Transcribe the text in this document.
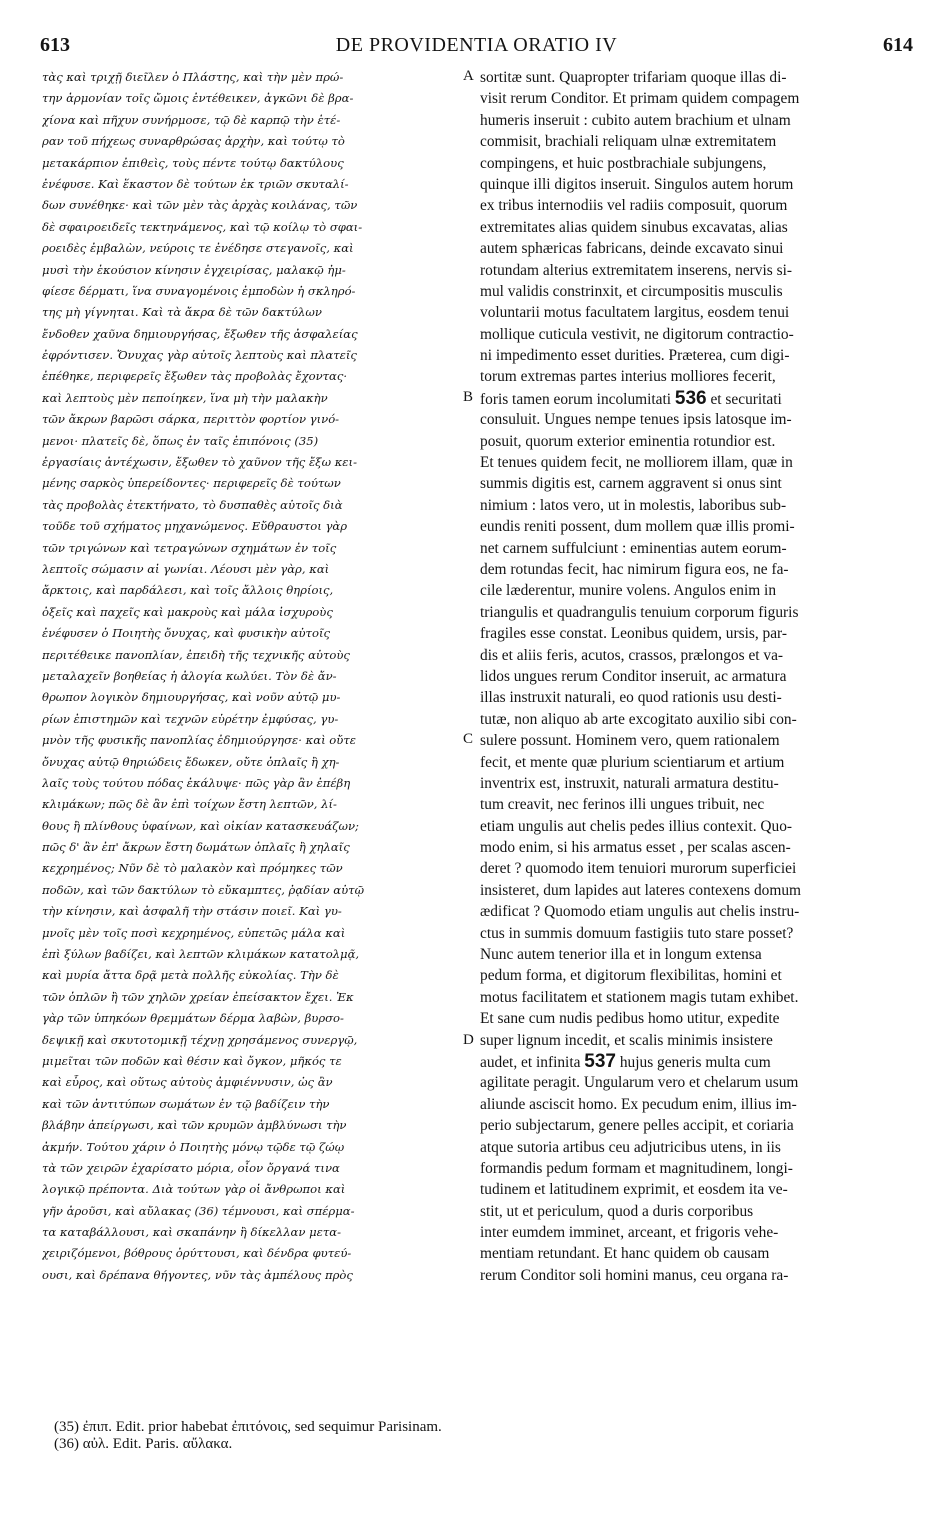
613	DE PROVIDENTIA ORATIO IV	614
τὰς καὶ τριχῇ διεῖλεν ὁ Πλάστης, καὶ τὴν μὲν πρώ-
την ἁρμονίαν τοῖς ὤμοις ἐντέθεικεν, ἀγκῶνι δὲ βρα-
χίονα καὶ πῆχυν συνήρμοσε, τῷ δὲ καρπῷ τὴν ἑτέ-
ραν τοῦ πήχεως συναρθρώσας ἀρχὴν, καὶ τούτῳ τὸ
μετακάρπιον ἐπιθεὶς, τοὺς πέντε τούτῳ δακτύλους
ἐνέφυσε. Καὶ ἕκαστον δὲ τούτων ἐκ τριῶν σκυταλί-
δων συνέθηκε· καὶ τῶν μὲν τὰς ἀρχὰς κοιλάνας, τῶν
δὲ σφαιροειδεῖς τεκτηνάμενος, καὶ τῷ κοίλῳ τὸ σφαι-
ροειδὲς ἐμβαλὼν, νεύροις τε ἐνέδησε στεγανοῖς, καὶ
μυσὶ τὴν ἑκούσιον κίνησιν ἐγχειρίσας, μαλακῷ ἠμ-
φίεσε δέρματι, ἵνα συναγομένοις ἐμποδὼν ἡ σκληρό-
της μὴ γίγνηται. Καὶ τὰ ἄκρα δὲ τῶν δακτύλων
ἔνδοθεν χαῦνα δημιουργήσας, ἔξωθεν τῆς ἀσφαλείας
ἐφρόντισεν. Ὄνυχας γὰρ αὐτοῖς λεπτοὺς καὶ πλατεῖς
ἐπέθηκε, περιφερεῖς ἔξωθεν τὰς προβολὰς ἔχοντας·
καὶ λεπτοὺς μὲν πεποίηκεν, ἵνα μὴ τὴν μαλακὴν
τῶν ἄκρων βαρῶσι σάρκα, περιττὸν φορτίον γινό-
μενοι· πλατεῖς δὲ, ὅπως ἐν ταῖς ἐπιπόνοις (35)
ἐργασίαις ἀντέχωσιν, ἔξωθεν τὸ χαῦνον τῆς ἔξω κει-
μένης σαρκὸς ὑπερείδοντες· περιφερεῖς δὲ τούτων
τὰς προβολὰς ἐτεκτήνατο, τὸ δυσπαθὲς αὐτοῖς διὰ
τοῦδε τοῦ σχήματος μηχανώμενος. Εὔθραυστοι γὰρ
τῶν τριγώνων καὶ τετραγώνων σχημάτων ἐν τοῖς
λεπτοῖς σώμασιν αἱ γωνίαι. Λέουσι μὲν γὰρ, καὶ
ἄρκτοις, καὶ παρδάλεσι, καὶ τοῖς ἄλλοις θηρίοις,
ὀξεῖς καὶ παχεῖς καὶ μακροὺς καὶ μάλα ἰσχυροὺς
ἐνέφυσεν ὁ Ποιητὴς ὄνυχας, καὶ φυσικὴν αὐτοῖς
περιτέθεικε πανοπλίαν, ἐπειδὴ τῆς τεχνικῆς αὐτοὺς
μεταλαχεῖν βοηθείας ἡ ἀλογία κωλύει. Τὸν δὲ ἄν-
θρωπον λογικὸν δημιουργήσας, καὶ νοῦν αὐτῷ μυ-
ρίων ἐπιστημῶν καὶ τεχνῶν εὑρέτην ἐμφύσας, γυ-
μνὸν τῆς φυσικῆς πανοπλίας ἐδημιούργησε· καὶ οὔτε
ὄνυχας αὐτῷ θηριώδεις ἔδωκεν, οὔτε ὁπλαῖς ἢ χη-
λαῖς τοὺς τούτου πόδας ἐκάλυψε· πῶς γὰρ ἂν ἐπέβη
κλιμάκων; πῶς δὲ ἂν ἐπὶ τοίχων ἔστη λεπτῶν, λί-
θους ἢ πλίνθους ὑφαίνων, καὶ οἰκίαν κατασκευάζων;
πῶς δ' ἂν ἐπ' ἄκρων ἔστη δωμάτων ὁπλαῖς ἢ χηλαῖς
κεχρημένος; Νῦν δὲ τὸ μαλακὸν καὶ πρόμηκες τῶν
ποδῶν, καὶ τῶν δακτύλων τὸ εὔκαμπτες, ῥᾳδίαν αὐτῷ
τὴν κίνησιν, καὶ ἀσφαλῆ τὴν στάσιν ποιεῖ. Καὶ γυ-
μνοῖς μὲν τοῖς ποσὶ κεχρημένος, εὐπετῶς μάλα καὶ
ἐπὶ ξύλων βαδίζει, καὶ λεπτῶν κλιμάκων κατατολμᾷ,
καὶ μυρία ἄττα δρᾷ μετὰ πολλῆς εὐκολίας. Τὴν δὲ
τῶν ὁπλῶν ἢ τῶν χηλῶν χρείαν ἐπείσακτον ἔχει. Ἐκ
γὰρ τῶν ὑπηκόων θρεμμάτων δέρμα λαβὼν, βυρσο-
δεψικῇ καὶ σκυτοτομικῇ τέχνῃ χρησάμενος συνεργῷ,
μιμεῖται τῶν ποδῶν καὶ θέσιν καὶ ὄγκον, μῆκός τε
καὶ εὖρος, καὶ οὕτως αὐτοὺς ἀμφιέννυσιν, ὡς ἂν
καὶ τῶν ἀντιτύπων σωμάτων ἐν τῷ βαδίζειν τὴν
βλάβην ἀπείργωσι, καὶ τῶν κρυμῶν ἀμβλύνωσι τὴν
ἀκμήν. Τούτου χάριν ὁ Ποιητὴς μόνῳ τῷδε τῷ ζώῳ
τὰ τῶν χειρῶν ἐχαρίσατο μόρια, οἷον ὄργανά τινα
λογικῷ πρέποντα. Διὰ τούτων γὰρ οἱ ἄνθρωποι καὶ
γῆν ἀροῦσι, καὶ αὔλακας (36) τέμνουσι, καὶ σπέρμα-
τα καταβάλλουσι, καὶ σκαπάνην ἢ δίκελλαν μετα-
χειριζόμενοι, βόθρους ὀρύττουσι, καὶ δένδρα φυτεύ-
ουσι, καὶ δρέπανα θήγοντες, νῦν τὰς ἀμπέλους πρὸς
sortitæ sunt. Quapropter trifariam quoque illas di-
visit rerum Conditor. Et primam quidem compagem
humeris inseruit : cubito autem brachium et ulnam
commisit, brachiali reliquam ulnæ extremitatem
compingens, et huic postbrachiale subjungens,
quinque illi digitos inseruit. Singulos autem horum
ex tribus internodiis vel radiis composuit, quorum
extremitates alias quidem sinubus excavatas, alias
autem sphæricas fabricans, deinde excavato sinui
rotundam alterius extremitatem inserens, nervis si-
mul validis constrinxit, et circumpositis musculis
voluntarii motus facultatem largitus, eosdem tenui
mollique cuticula vestivit, ne digitorum contractio-
ni impedimento esset durities. Præterea, cum digi-
torum extremas partes interius molliores fecerit,
foris tamen eorum incolumitati 536 et securitati
consuluit. Ungues nempe tenues ipsis latosque im-
posuit, quorum exterior eminentia rotundior est.
Et tenues quidem fecit, ne molliorem illam, quæ in
summis digitis est, carnem aggravent si onus sint
nimium : latos vero, ut in molestis, laboribus sub-
eundis reniti possent, dum mollem quæ illis promi-
net carnem suffulciunt : eminentias autem eorum-
dem rotundas fecit, hac nimirum figura eos, ne fa-
cile læderentur, munire volens. Angulos enim in
triangulis et quadrangulis tenuium corporum figuris
fragiles esse constat. Leonibus quidem, ursis, par-
dis et aliis feris, acutos, crassos, prælongos et va-
lidos ungues rerum Conditor inseruit, ac armatura
illas instruxit naturali, eo quod rationis usu desti-
tutæ, non aliquo ab arte excogitato auxilio sibi con-
sulere possunt. Hominem vero, quem rationalem
fecit, et mente quæ plurium scientiarum et artium
inventrix est, instruxit, naturali armatura destitu-
tum creavit, nec ferinos illi ungues tribuit, nec
etiam ungulis aut chelis pedes illius contexit. Quo-
modo enim, si his armatus esset , per scalas ascen-
deret ? quomodo item tenuiori murorum superficiei
insisteret, dum lapides aut lateres contexens domum
ædificat ? Quomodo etiam ungulis aut chelis instru-
ctus in summis domuum fastigiis tuto stare posset?
Nunc autem tenerior illa et in longum extensa
pedum forma, et digitorum flexibilitas, homini et
motus facilitatem et stationem magis tutam exhibet.
Et sane cum nudis pedibus homo utitur, expedite
super lignum incedit, et scalis minimis insistere
audet, et infinita 537 hujus generis multa cum
agilitate peragit. Ungularum vero et chelarum usum
aliunde asciscit homo. Ex pecudum enim, illius im-
perio subjectarum, genere pelles accipit, et coriaria
atque sutoria artibus ceu adjutricibus utens, in iis
formandis pedum formam et magnitudinem, longi-
tudinem et latitudinem exprimit, et eosdem ita ve-
stit, ut et periculum, quod a duris corporibus
inter eumdem imminet, arceant, et frigoris vehe-
mentiam retundant. Et hanc quidem ob causam
rerum Conditor soli homini manus, ceu organa ra-
A
B
C
D
(35) ἐπιπ. Edit. prior habebat ἐπιτόνοις, sed sequimur Parisinam.
(36) αὐλ. Edit. Paris. αὔλακα.
